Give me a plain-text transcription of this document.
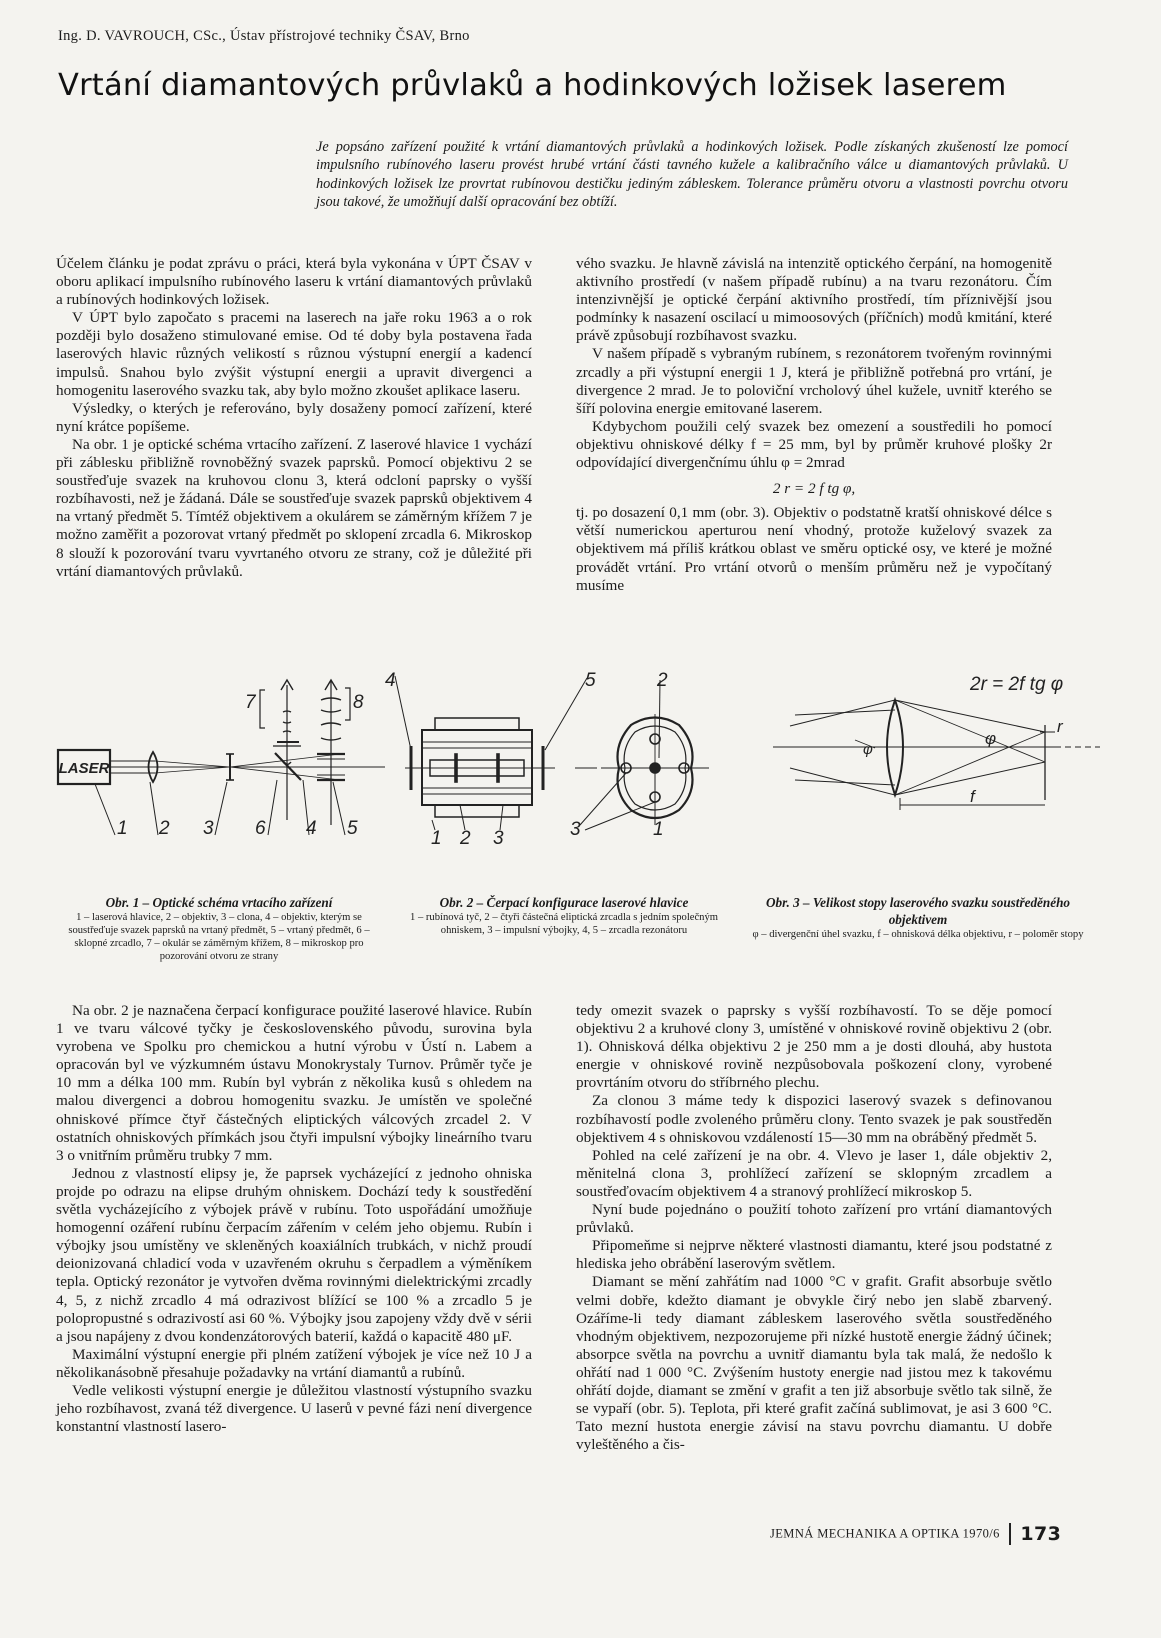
Ing. D. VAVROUCH, CSc., Ústav přístrojové techniky ČSAV, Brno
Vrtání diamantových průvlaků a hodinkových ložisek laserem

Je popsáno zařízení použité k vrtání diamantových průvlaků a hodinkových ložisek. Podle získaných zkušeností lze pomocí impulsního rubínového laseru provést hrubé vrtání části tavného kužele a kalibračního válce u diamantových průvlaků. U hodinkových ložisek lze provrtat rubínovou destičku jediným zábleskem. Tolerance průměru otvoru a vlastnosti povrchu otvoru jsou takové, že umožňují další opracování bez obtíží.

Účelem článku je podat zprávu o práci, která byla vykonána v ÚPT ČSAV v oboru aplikací impulsního rubínového laseru k vrtání diamantových průvlaků a rubínových hodinkových ložisek.

V ÚPT bylo započato s pracemi na laserech na jaře roku 1963 a o rok později bylo dosaženo stimulované emise. Od té doby byla postavena řada laserových hlavic různých velikostí s různou výstupní energií a kadencí impulsů. Snahou bylo zvýšit výstupní energii a upravit divergenci a homogenitu laserového svazku tak, aby bylo možno zkoušet aplikace laseru.

Výsledky, o kterých je referováno, byly dosaženy pomocí zařízení, které nyní krátce popíšeme.

Na obr. 1 je optické schéma vrtacího zařízení. Z laserové hlavice 1 vychází při záblesku přibližně rovnoběžný svazek paprsků. Pomocí objektivu 2 se soustřeďuje svazek na kruhovou clonu 3, která odclonί paprsky o vyšší rozbíhavosti, než je žádaná. Dále se soustřeďuje svazek paprsků objektivem 4 na vrtaný předmět 5. Tímtéž objektivem a okulárem se záměrným křížem 7 je možno zaměřit a pozorovat vrtaný předmět po sklopení zrcadla 6. Mikroskop 8 slouží k pozorování tvaru vyvrtaného otvoru ze strany, což je důležité při vrtání diamantových průvlaků.

vého svazku. Je hlavně závislá na intenzitě optického čerpání, na homogenitě aktivního prostředí (v našem případě rubínu) a na tvaru rezonátoru. Čím intenzivnější je optické čerpání aktivního prostředí, tím příznivější jsou podmínky k nasazení oscilací u mimoosových (příčních) modů kmitání, které právě způsobují rozbíhavost svazku.

V našem případě s vybraným rubínem, s rezonátorem tvořeným rovinnými zrcadly a při výstupní energii 1 J, která je přibližně potřebná pro vrtání, je divergence 2 mrad. Je to poloviční vrcholový úhel kužele, uvnitř kterého se šíří polovina energie emitované laserem.

Kdybychom použili celý svazek bez omezení a soustředili ho pomocí objektivu ohniskové délky f = 25 mm, byl by průměr kruhové plošky 2r odpovídající divergenčnímu úhlu φ = 2mrad

2 r = 2 f tg φ,

tj. po dosazení 0,1 mm (obr. 3). Objektiv o podstatně kratší ohniskové délce s větší numerickou aperturou není vhodný, protože kuželový svazek za objektivem má příliš krátkou oblast ve směru optické osy, ve které je možné provádět vrtání. Pro vrtání otvorů o menším průměru než je vypočítaný musíme

LASER
1 2 3 6 4 5
7	8
4	5	2
1 2 3	3	1
2r = 2f tg φ
φ
φ
r
f
Obr. 1 – Optické schéma vrtacího zařízení
1 – laserová hlavice, 2 – objektiv, 3 – clona, 4 – objektiv, kterým se soustřeďuje svazek paprsků na vrtaný předmět, 5 – vrtaný předmět, 6 – sklopné zrcadlo, 7 – okulár se záměrným křížem, 8 – mikroskop pro pozorování otvoru ze strany
Obr. 2 – Čerpací konfigurace laserové hlavice
1 – rubínová tyč, 2 – čtyři částečná eliptická zrcadla s jedním společným ohniskem, 3 – impulsní výbojky, 4, 5 – zrcadla rezonátoru
Obr. 3 – Velikost stopy laserového svazku soustředěného objektivem
φ – divergenční úhel svazku, f – ohnisková délka objektivu, r – poloměr stopy

Na obr. 2 je naznačena čerpací konfigurace použité laserové hlavice. Rubín 1 ve tvaru válcové tyčky je československého původu, surovina byla vyrobena ve Spolku pro chemickou a hutní výrobu v Ústí n. Labem a opracován byl ve výzkumném ústavu Monokrystaly Turnov. Průměr tyče je 10 mm a délka 100 mm. Rubín byl vybrán z několika kusů s ohledem na malou divergenci a dobrou homogenitu svazku. Je umístěn ve společné ohniskové přímce čtyř částečných eliptických válcových zrcadel 2. V ostatních ohniskových přímkách jsou čtyři impulsní výbojky lineárního tvaru 3 o vnitřním průměru trubky 7 mm.

Jednou z vlastností elipsy je, že paprsek vycházející z jednoho ohniska projde po odrazu na elipse druhým ohniskem. Dochází tedy k soustředění světla vycházejícího z výbojek právě v rubínu. Toto uspořádání umožňuje homogenní ozáření rubínu čerpacím zářením v celém jeho objemu. Rubín i výbojky jsou umístěny ve skleněných koaxiálních trubkách, v nichž proudí deionizovaná chladicí voda v uzavřeném okruhu s čerpadlem a výměníkem tepla. Optický rezonátor je vytvořen dvěma rovinnými dielektrickými zrcadly 4, 5, z nichž zrcadlo 4 má odrazivost blížící se 100 % a zrcadlo 5 je polopropustné s odrazivostí asi 60 %. Výbojky jsou zapojeny vždy dvě v sérii a jsou napájeny z dvou kondenzátorových baterií, každá o kapacitě 480 μF.

Maximální výstupní energie při plném zatížení výbojek je více než 10 J a několikanásobně přesahuje požadavky na vrtání diamantů a rubínů.

Vedle velikosti výstupní energie je důležitou vlastností výstupního svazku jeho rozbíhavost, zvaná též divergence. U laserů v pevné fázi není divergence konstantní vlastností lasero-

tedy omezit svazek o paprsky s vyšší rozbíhavostí. To se děje pomocí objektivu 2 a kruhové clony 3, umístěné v ohniskové rovině objektivu 2 (obr. 1). Ohnisková délka objektivu 2 je 250 mm a je dosti dlouhá, aby hustota energie v ohniskové rovině nezpůsobovala poškození clony, vyrobené provrtáním otvoru do stříbrného plechu.

Za clonou 3 máme tedy k dispozici laserový svazek s definovanou rozbíhavostí podle zvoleného průměru clony. Tento svazek je pak soustředěn objektivem 4 s ohniskovou vzdáleností 15—30 mm na obráběný předmět 5.

Pohled na celé zařízení je na obr. 4. Vlevo je laser 1, dále objektiv 2, měnitelná clona 3, prohlížecí zařízení se sklopným zrcadlem a soustřeďovacím objektivem 4 a stranový prohlížecí mikroskop 5.

Nyní bude pojednáno o použití tohoto zařízení pro vrtání diamantových průvlaků.

Připomeňme si nejprve některé vlastnosti diamantu, které jsou podstatné z hlediska jeho obrábění laserovým světlem.

Diamant se mění zahřátím nad 1000 °C v grafit. Grafit absorbuje světlo velmi dobře, kdežto diamant je obvykle čirý nebo jen slabě zbarvený. Ozáříme-li tedy diamant zábleskem laserového světla soustředěného vhodným objektivem, nezpozorujeme při nízké hustotě energie žádný účinek; absorpce světla na povrchu a uvnitř diamantu byla tak malá, že nedošlo k ohřátí nad 1 000 °C. Zvýšením hustoty energie nad jistou mez k takovému ohřátí dojde, diamant se změní v grafit a ten již absorbuje světlo tak silně, že se vypaří (obr. 5). Teplota, při které grafit začíná sublimovat, je asi 3 600 °C. Tato mezní hustota energie závisí na stavu povrchu diamantu. U dobře vyleštěného a čis-

JEMNÁ MECHANIKA A OPTIKA 1970/6 173
